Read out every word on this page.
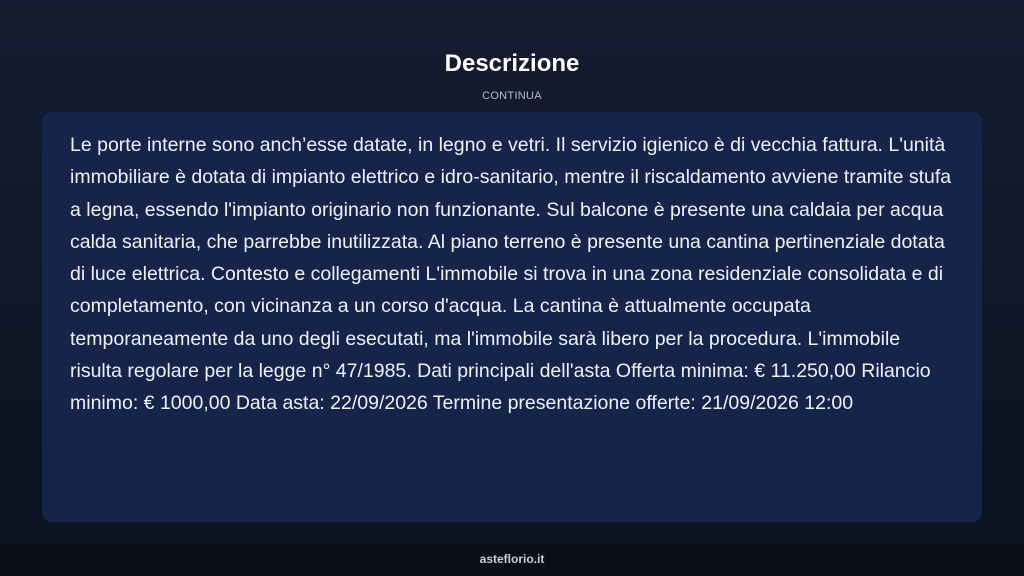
Descrizione
CONTINUA

Le porte interne sono anch’esse datate, in legno e vetri. Il servizio igienico è di vecchia fattura. L'unità immobiliare è dotata di impianto elettrico e idro-sanitario, mentre il riscaldamento avviene tramite stufa a legna, essendo l'impianto originario non funzionante. Sul balcone è presente una caldaia per acqua calda sanitaria, che parrebbe inutilizzata. Al piano terreno è presente una cantina pertinenziale dotata di luce elettrica. Contesto e collegamenti L'immobile si trova in una zona residenziale consolidata e di completamento, con vicinanza a un corso d'acqua. La cantina è attualmente occupata temporaneamente da uno degli esecutati, ma l'immobile sarà libero per la procedura. L'immobile risulta regolare per la legge n° 47/1985. Dati principali dell'asta Offerta minima: € 11.250,00 Rilancio minimo: € 1000,00 Data asta: 22/09/2026 Termine presentazione offerte: 21/09/2026 12:00

asteflorio.it
